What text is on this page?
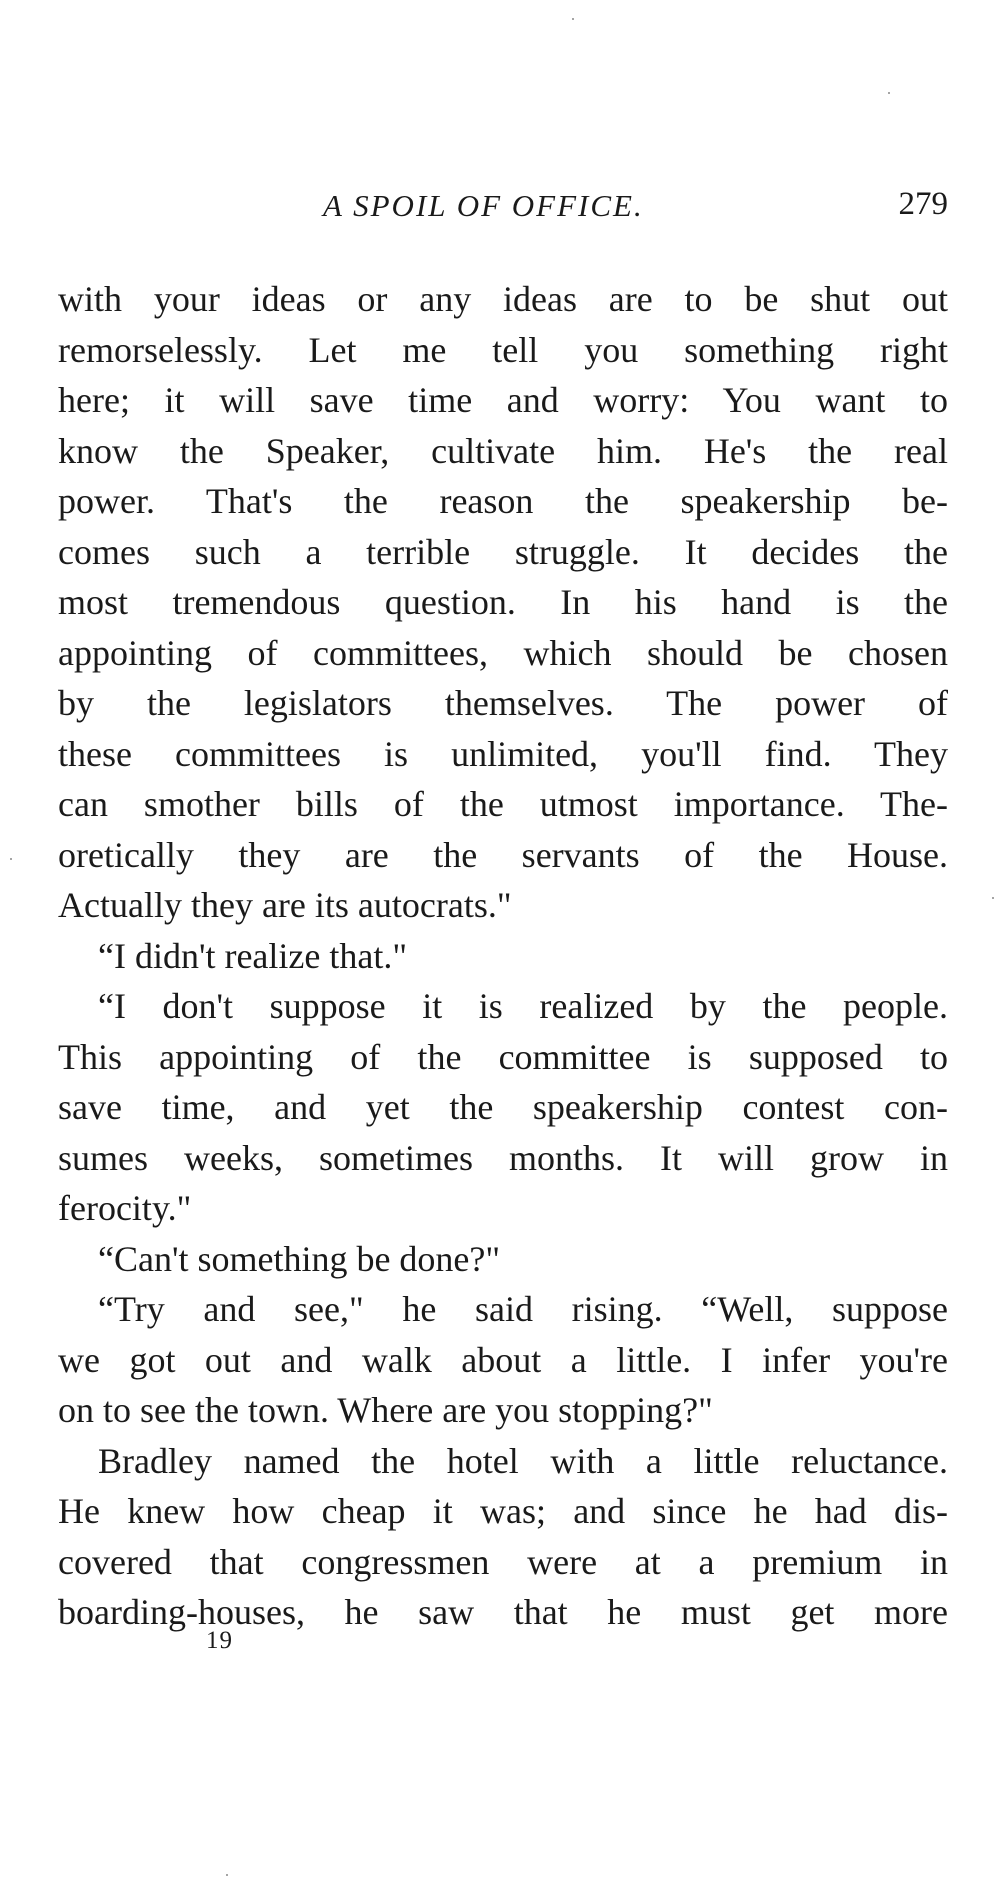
A SPOIL OF OFFICE.	279
with your ideas or any ideas are to be shut out
remorselessly. Let me tell you something right
here; it will save time and worry: You want to
know the Speaker, cultivate him. He's the real
power. That's the reason the speakership be-
comes such a terrible struggle. It decides the
most tremendous question. In his hand is the
appointing of committees, which should be chosen
by the legislators themselves. The power of
these committees is unlimited, you'll find. They
can smother bills of the utmost importance. The-
oretically they are the servants of the House.
Actually they are its autocrats."
“I didn't realize that."
“I don't suppose it is realized by the people.
This appointing of the committee is supposed to
save time, and yet the speakership contest con-
sumes weeks, sometimes months. It will grow in
ferocity."
“Can't something be done?"
“Try and see," he said rising. “Well, suppose
we got out and walk about a little. I infer you're
on to see the town. Where are you stopping?"
Bradley named the hotel with a little reluctance.
He knew how cheap it was; and since he had dis-
covered that congressmen were at a premium in
boarding-houses, he saw that he must get more
19
